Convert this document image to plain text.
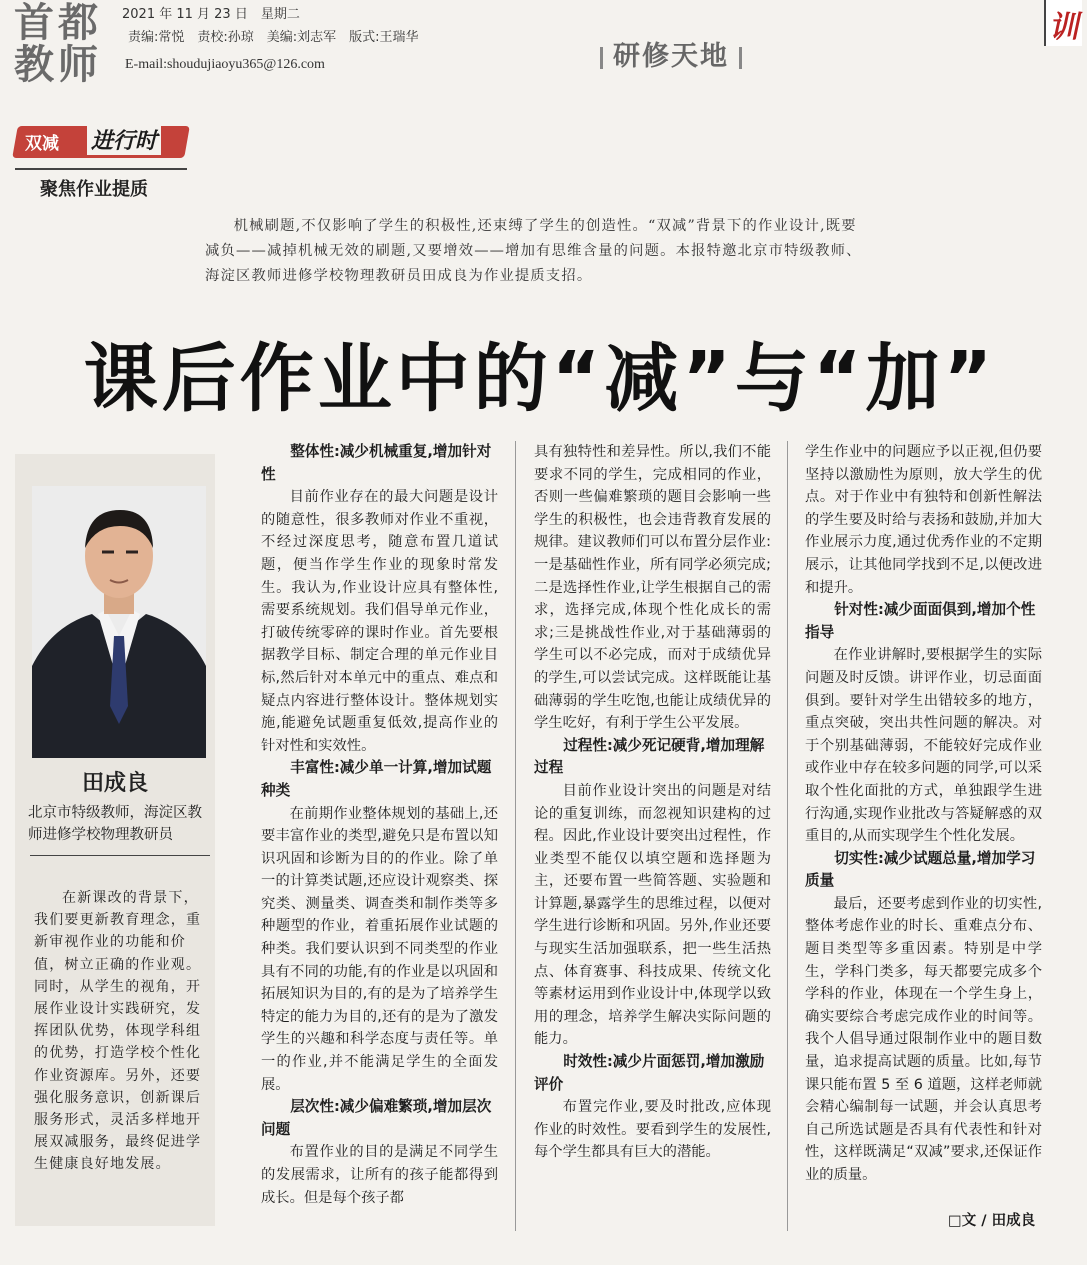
首都教师
2021 年 11 月 23 日　星期二
责编:常悦　责校:孙琼　美编:刘志军　版式:王瑞华
E-mail:shoudujiaoyu365@126.com	研修天地
训
双减 进行时
聚焦作业提质
机械刷题,不仅影响了学生的积极性,还束缚了学生的创造性。“双减”背景下的作业设计,既要减负——减掉机械无效的刷题,又要增效——增加有思维含量的问题。本报特邀北京市特级教师、海淀区教师进修学校物理教研员田成良为作业提质支招。
课后作业中的“减”与“加”
田成良
北京市特级教师，海淀区教师进修学校物理教研员
在新课改的背景下，我们要更新教育理念，重新审视作业的功能和价值，树立正确的作业观。同时，从学生的视角，开展作业设计实践研究，发挥团队优势，体现学科组的优势，打造学校个性化作业资源库。另外，还要强化服务意识，创新课后服务形式，灵活多样地开展双减服务，最终促进学生健康良好地发展。
整体性:减少机械重复,增加针对性

目前作业存在的最大问题是设计的随意性，很多教师对作业不重视，不经过深度思考，随意布置几道试题，便当作学生作业的现象时常发生。我认为,作业设计应具有整体性,需要系统规划。我们倡导单元作业，打破传统零碎的课时作业。首先要根据教学目标、制定合理的单元作业目标,然后针对本单元中的重点、难点和疑点内容进行整体设计。整体规划实施,能避免试题重复低效,提高作业的针对性和实效性。

丰富性:减少单一计算,增加试题种类

在前期作业整体规划的基础上,还要丰富作业的类型,避免只是布置以知识巩固和诊断为目的的作业。除了单一的计算类试题,还应设计观察类、探究类、测量类、调查类和制作类等多种题型的作业，着重拓展作业试题的种类。我们要认识到不同类型的作业具有不同的功能,有的作业是以巩固和拓展知识为目的,有的是为了培养学生特定的能力为目的,还有的是为了激发学生的兴趣和科学态度与责任等。单一的作业,并不能满足学生的全面发展。

层次性:减少偏难繁琐,增加层次问题

布置作业的目的是满足不同学生的发展需求，让所有的孩子能都得到成长。但是每个孩子都

具有独特性和差异性。所以,我们不能要求不同的学生，完成相同的作业，否则一些偏难繁琐的题目会影响一些学生的积极性，也会违背教育发展的规律。建议教师们可以布置分层作业:一是基础性作业，所有同学必须完成;二是选择性作业,让学生根据自己的需求，选择完成,体现个性化成长的需求;三是挑战性作业,对于基础薄弱的学生可以不必完成，而对于成绩优异的学生,可以尝试完成。这样既能让基础薄弱的学生吃饱,也能让成绩优异的学生吃好，有利于学生公平发展。

过程性:减少死记硬背,增加理解过程

目前作业设计突出的问题是对结论的重复训练，而忽视知识建构的过程。因此,作业设计要突出过程性，作业类型不能仅以填空题和选择题为主，还要布置一些简答题、实验题和计算题,暴露学生的思维过程，以便对学生进行诊断和巩固。另外,作业还要与现实生活加强联系，把一些生活热点、体育赛事、科技成果、传统文化等素材运用到作业设计中,体现学以致用的理念，培养学生解决实际问题的能力。

时效性:减少片面惩罚,增加激励评价

布置完作业,要及时批改,应体现作业的时效性。要看到学生的发展性,每个学生都具有巨大的潜能。

学生作业中的问题应予以正视,但仍要坚持以激励性为原则，放大学生的优点。对于作业中有独特和创新性解法的学生要及时给与表扬和鼓励,并加大作业展示力度,通过优秀作业的不定期展示，让其他同学找到不足,以便改进和提升。

针对性:减少面面俱到,增加个性指导

在作业讲解时,要根据学生的实际问题及时反馈。讲评作业，切忌面面俱到。要针对学生出错较多的地方，重点突破，突出共性问题的解决。对于个别基础薄弱，不能较好完成作业或作业中存在较多问题的同学,可以采取个性化面批的方式，单独跟学生进行沟通,实现作业批改与答疑解惑的双重目的,从而实现学生个性化发展。

切实性:减少试题总量,增加学习质量

最后，还要考虑到作业的切实性,整体考虑作业的时长、重难点分布、题目类型等多重因素。特别是中学生，学科门类多，每天都要完成多个学科的作业，体现在一个学生身上，确实要综合考虑完成作业的时间等。我个人倡导通过限制作业中的题目数量，追求提高试题的质量。比如,每节课只能布置 5 至 6 道题，这样老师就会精心编制每一试题，并会认真思考自己所选试题是否具有代表性和针对性，这样既满足“双减”要求,还保证作业的质量。

□文 / 田成良
